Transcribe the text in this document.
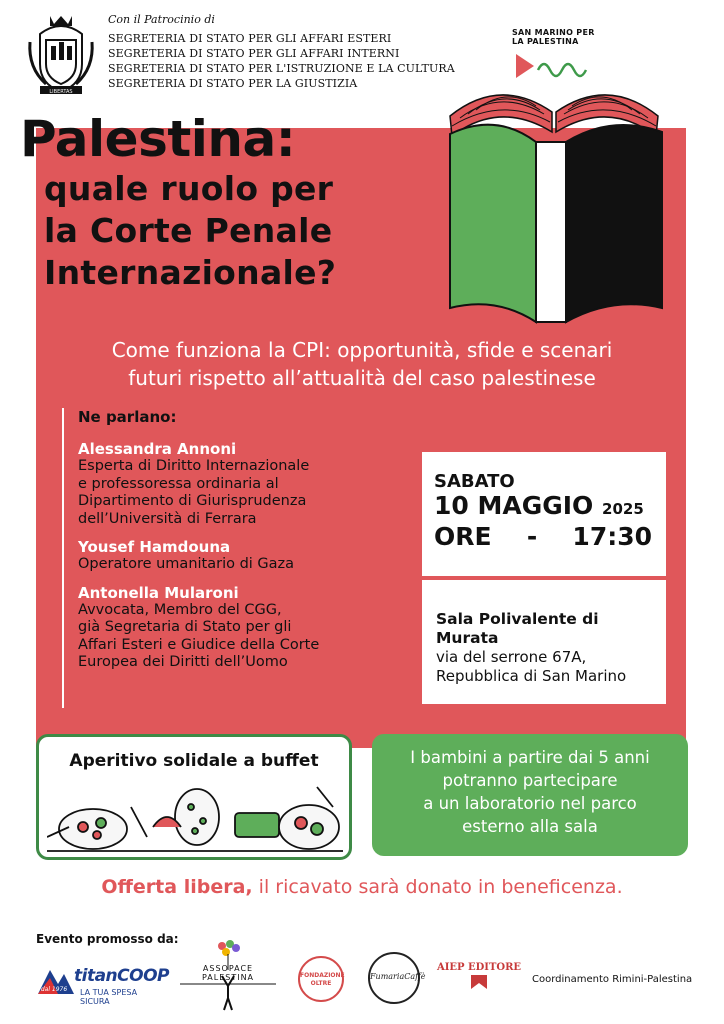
LIBERTAS
Con il Patrocinio di
SEGRETERIA DI STATO PER GLI AFFARI ESTERI
SEGRETERIA DI STATO PER GLI AFFARI INTERNI
SEGRETERIA DI STATO PER L'ISTRUZIONE E LA CULTURA
SEGRETERIA DI STATO PER LA GIUSTIZIA
SAN MARINO PER
LA PALESTINA
Palestina:
quale ruolo per
la Corte Penale
Internazionale?
Come funziona la CPI: opportunità, sfide e scenari
futuri rispetto all’attualità del caso palestinese
Ne parlano:
Alessandra Annoni
Esperta di Diritto Internazionale
e professoressa ordinaria al
Dipartimento di Giurisprudenza
dell’Università di Ferrara
Yousef Hamdouna
Operatore umanitario di Gaza
Antonella Mularoni
Avvocata, Membro del CGG,
già Segretaria di Stato per gli
Affari Esteri e Giudice della Corte
Europea dei Diritti dell’Uomo
SABATO
10 MAGGIO 2025
ORE - 17:30
Sala Polivalente di Murata
via del serrone 67A,
Repubblica di San Marino
Aperitivo solidale a buffet	I bambini a partire dai 5 anni
potranno partecipare
a un laboratorio nel parco
esterno alla sala
Offerta libera, il ricavato sarà donato in beneficenza.
Evento promosso da:
dal 1976
titanCOOP
LA TUA SPESA SICURA
ASSOPACE PALESTINA	FONDAZIONE OLTRE
FumariaCaffè
AIEP EDITORE
Coordinamento Rimini-Palestina
